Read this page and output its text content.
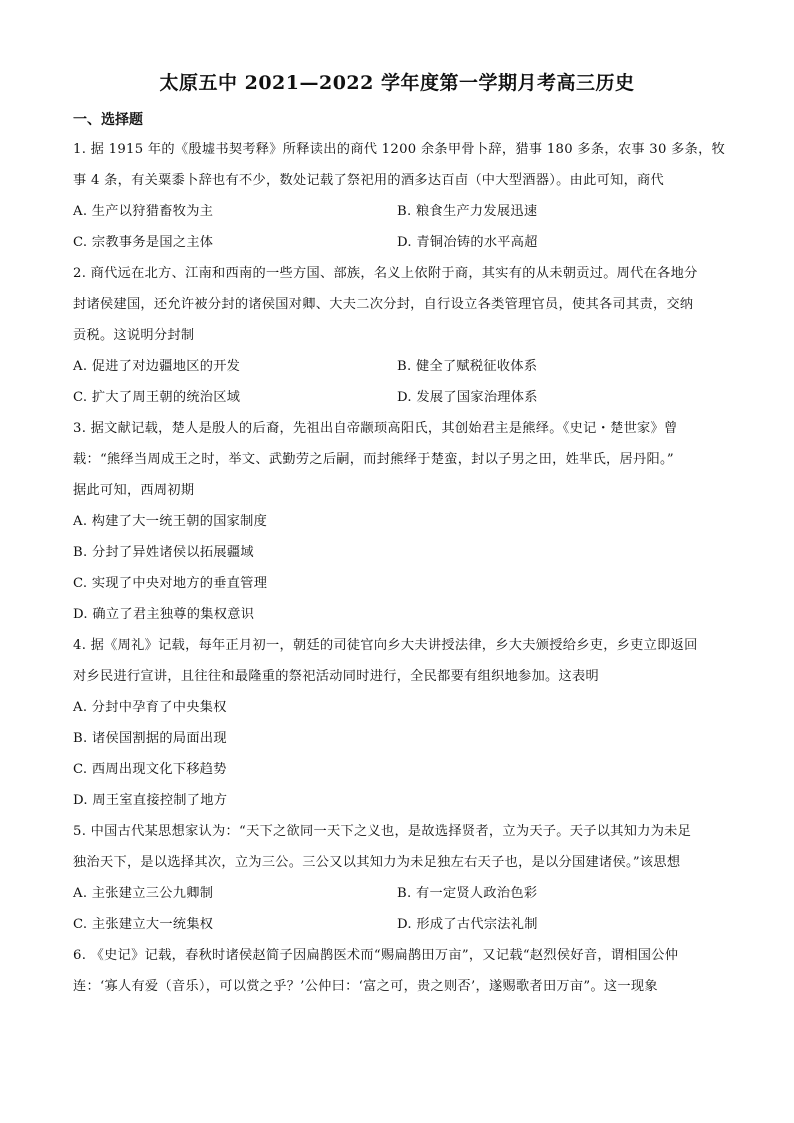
太原五中 2021—2022 学年度第一学期月考高三历史
一、选择题
1. 据 1915 年的《殷墟书契考释》所释读出的商代 1200 余条甲骨卜辞，猎事 180 多条，农事 30 多条，牧
事 4 条，有关粟黍卜辞也有不少，数处记载了祭祀用的酒多达百卣（中大型酒器）。由此可知，商代
A. 生产以狩猎畜牧为主	B. 粮食生产力发展迅速
C. 宗教事务是国之主体	D. 青铜冶铸的水平高超
2. 商代远在北方、江南和西南的一些方国、部族，名义上依附于商，其实有的从未朝贡过。周代在各地分
封诸侯建国，还允许被分封的诸侯国对卿、大夫二次分封，自行设立各类管理官员，使其各司其责，交纳
贡税。这说明分封制
A. 促进了对边疆地区的开发	B. 健全了赋税征收体系
C. 扩大了周王朝的统治区域	D. 发展了国家治理体系
3. 据文献记载，楚人是殷人的后裔，先祖出自帝颛顼高阳氏，其创始君主是熊绎。《史记・楚世家》曾
载：“熊绎当周成王之时，举文、武勤劳之后嗣，而封熊绎于楚蛮，封以子男之田，姓芈氏，居丹阳。”
据此可知，西周初期
A. 构建了大一统王朝的国家制度
B. 分封了异姓诸侯以拓展疆域
C. 实现了中央对地方的垂直管理
D. 确立了君主独尊的集权意识
4. 据《周礼》记载，每年正月初一，朝廷的司徒官向乡大夫讲授法律，乡大夫颁授给乡吏，乡吏立即返回
对乡民进行宣讲，且往往和最隆重的祭祀活动同时进行，全民都要有组织地参加。这表明
A. 分封中孕育了中央集权
B. 诸侯国割据的局面出现
C. 西周出现文化下移趋势
D. 周王室直接控制了地方
5. 中国古代某思想家认为：“天下之欲同一天下之义也，是故选择贤者，立为天子。天子以其知力为未足
独治天下，是以选择其次，立为三公。三公又以其知力为未足独左右天子也，是以分国建诸侯。”该思想
A. 主张建立三公九卿制	B. 有一定贤人政治色彩
C. 主张建立大一统集权	D. 形成了古代宗法礼制
6. 《史记》记载，春秋时诸侯赵简子因扁鹊医术而“赐扁鹊田万亩”，又记载“赵烈侯好音，谓相国公仲
连：‘寡人有爱（音乐），可以赏之乎？’公仲曰：‘富之可，贵之则否’，遂赐歌者田万亩”。这一现象
